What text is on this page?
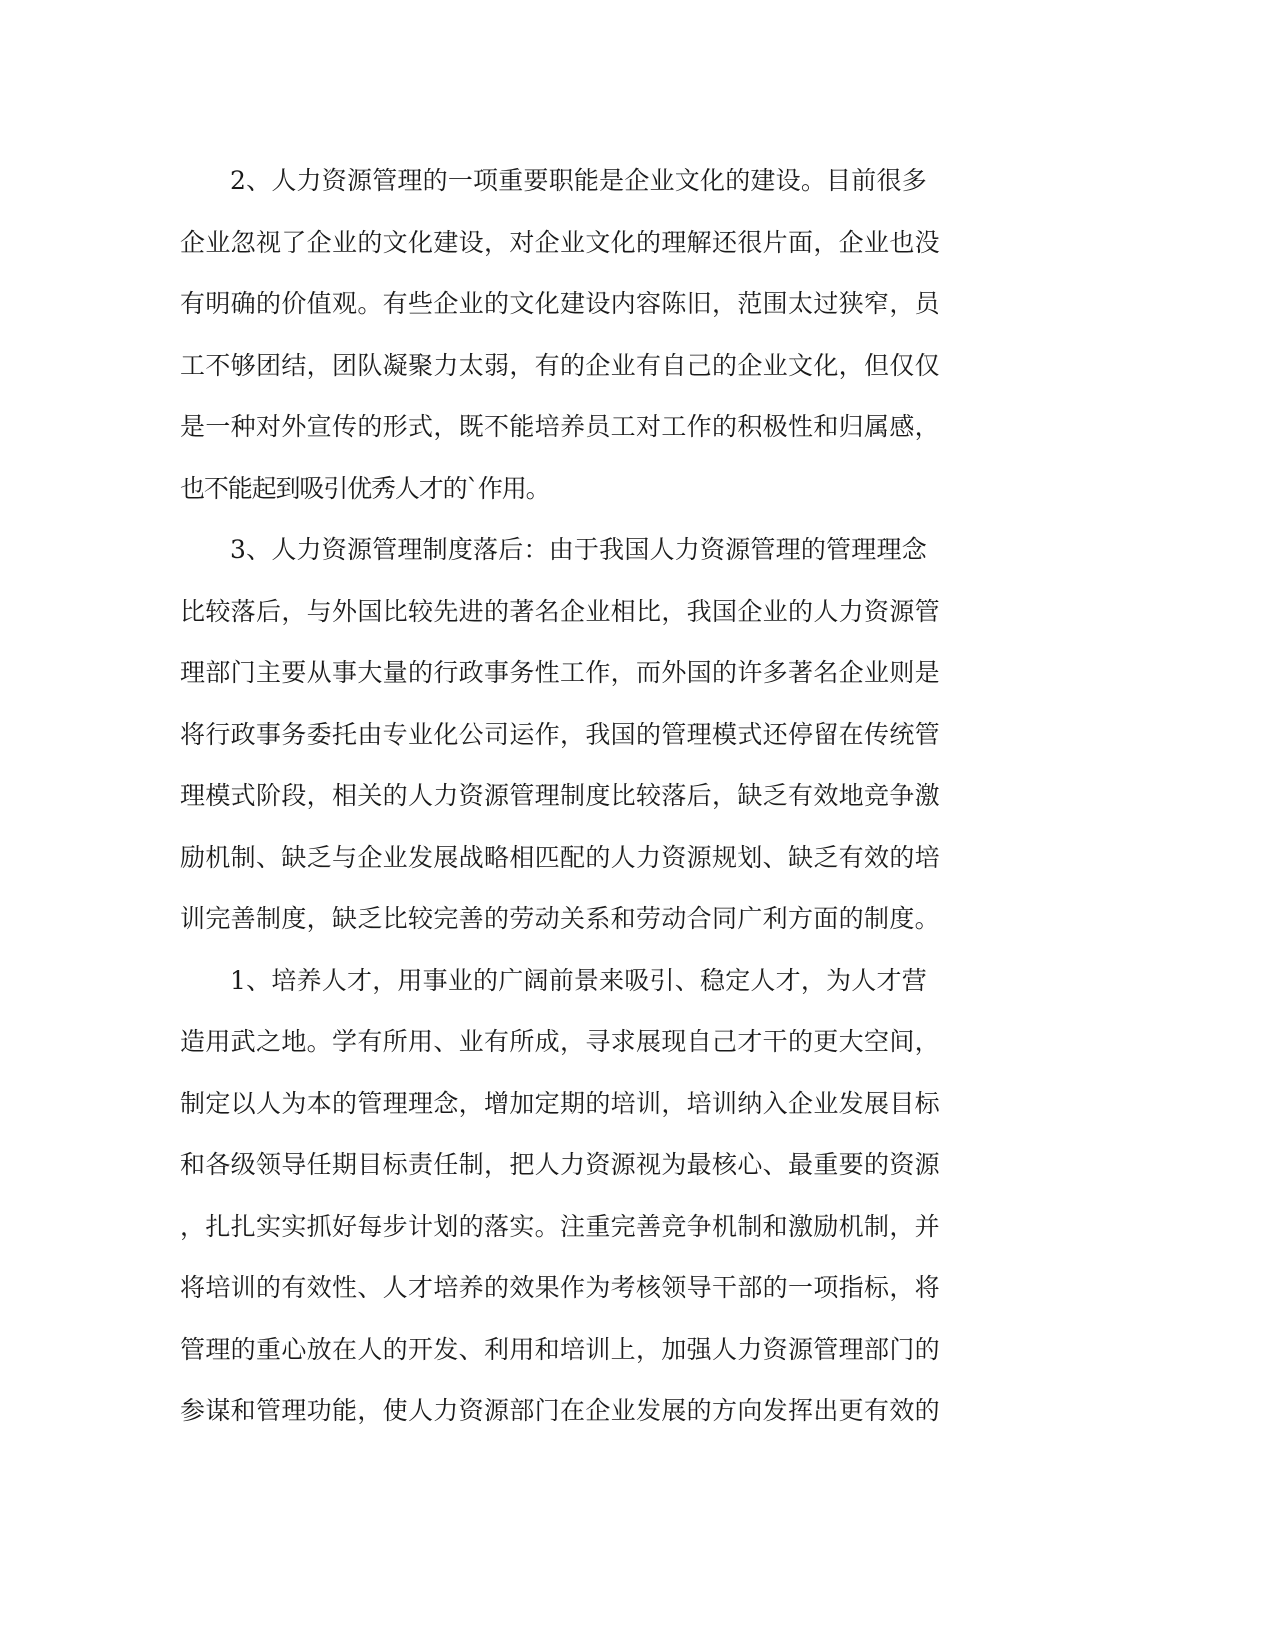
2、人力资源管理的一项重要职能是企业文化的建设。目前很多
企业忽视了企业的文化建设，对企业文化的理解还很片面，企业也没
有明确的价值观。有些企业的文化建设内容陈旧，范围太过狭窄，员
工不够团结，团队凝聚力太弱，有的企业有自己的企业文化，但仅仅
是一种对外宣传的形式，既不能培养员工对工作的积极性和归属感，
也不能起到吸引优秀人才的`作用。

3、人力资源管理制度落后：由于我国人力资源管理的管理理念
比较落后，与外国比较先进的著名企业相比，我国企业的人力资源管
理部门主要从事大量的行政事务性工作，而外国的许多著名企业则是
将行政事务委托由专业化公司运作，我国的管理模式还停留在传统管
理模式阶段，相关的人力资源管理制度比较落后，缺乏有效地竞争激
励机制、缺乏与企业发展战略相匹配的人力资源规划、缺乏有效的培
训完善制度，缺乏比较完善的劳动关系和劳动合同广利方面的制度。

1、培养人才，用事业的广阔前景来吸引、稳定人才，为人才营
造用武之地。学有所用、业有所成，寻求展现自己才干的更大空间，
制定以人为本的管理理念，增加定期的培训，培训纳入企业发展目标
和各级领导任期目标责任制，把人力资源视为最核心、最重要的资源
，扎扎实实抓好每步计划的落实。注重完善竞争机制和激励机制，并
将培训的有效性、人才培养的效果作为考核领导干部的一项指标，将
管理的重心放在人的开发、利用和培训上，加强人力资源管理部门的
参谋和管理功能，使人力资源部门在企业发展的方向发挥出更有效的
